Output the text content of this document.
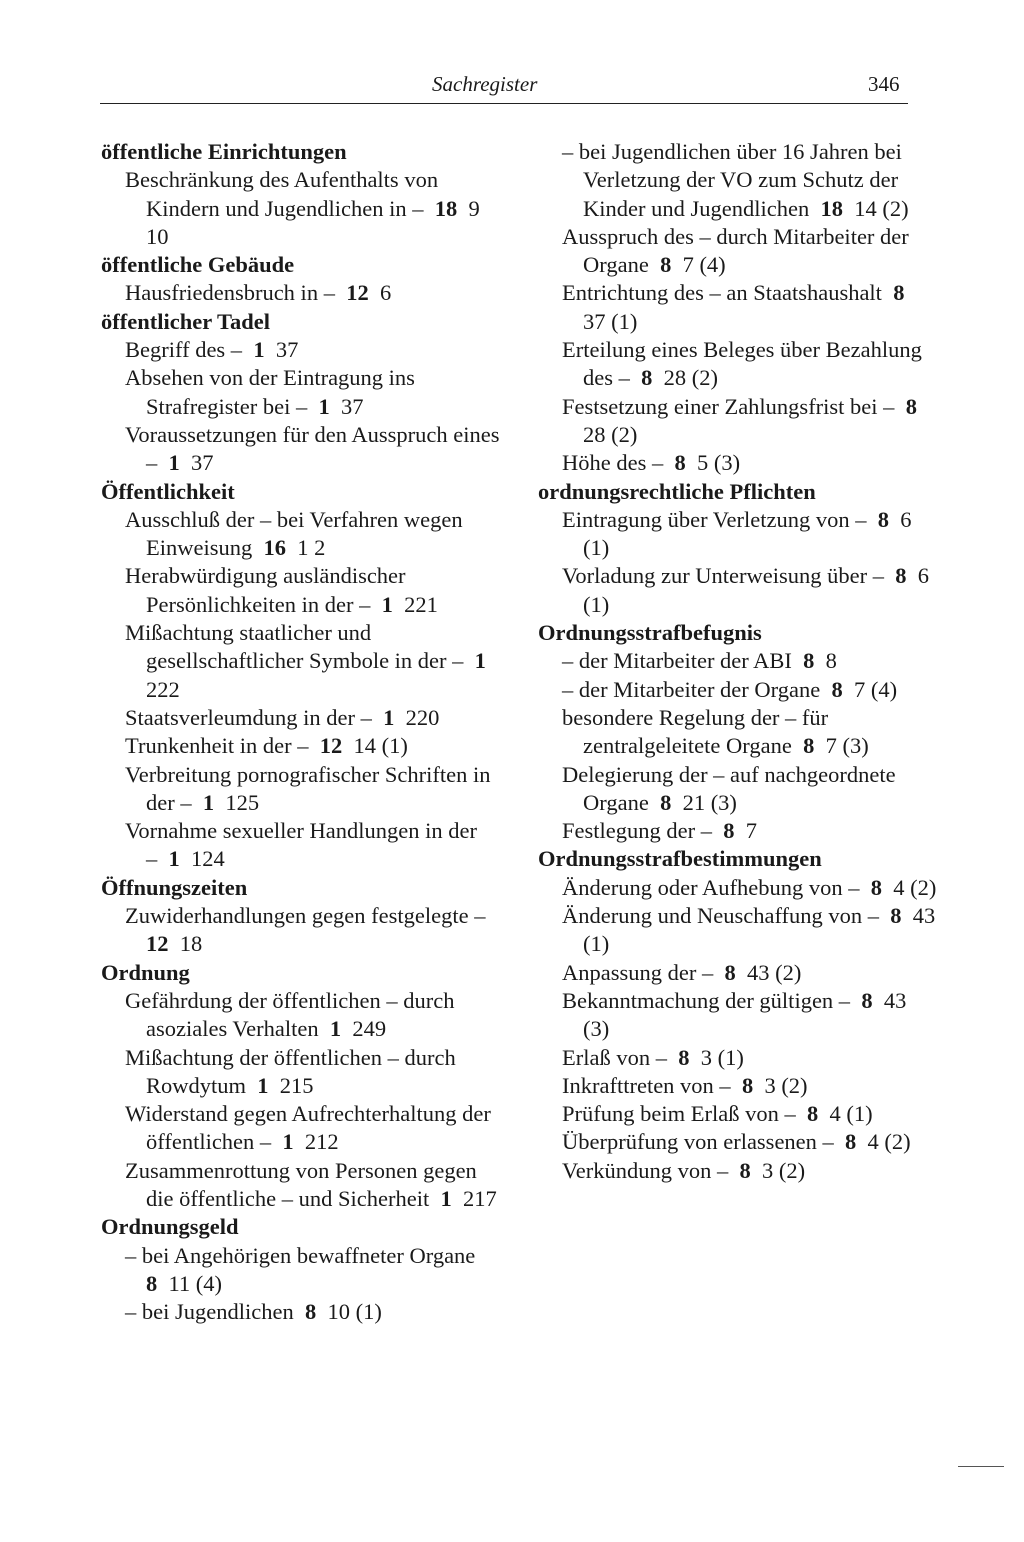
Sachregister	346
öffentliche Einrichtungen
Beschränkung des Aufenthalts von Kindern und Jugendlichen in –  18  9 10
öffentliche Gebäude
Hausfriedensbruch in –  12  6
öffentlicher Tadel
Begriff des –  1  37
Absehen von der Eintragung ins Strafregister bei –  1  37
Voraussetzungen für den Ausspruch eines –  1  37
Öffentlichkeit
Ausschluß der – bei Verfahren wegen Einweisung  16  1 2
Herabwürdigung ausländischer Persönlichkeiten in der –  1  221
Mißachtung staatlicher und gesellschaftlicher Symbole in der –  1 222
Staatsverleumdung in der –  1  220
Trunkenheit in der –  12  14 (1)
Verbreitung pornografischer Schriften in der –  1  125
Vornahme sexueller Handlungen in der –  1  124
Öffnungszeiten
Zuwiderhandlungen gegen festgelegte – 12  18
Ordnung
Gefährdung der öffentlichen – durch asoziales Verhalten  1  249
Mißachtung der öffentlichen – durch Rowdytum  1  215
Widerstand gegen Aufrechterhaltung der öffentlichen –  1  212
Zusammenrottung von Personen gegen die öffentliche – und Sicherheit  1  217
Ordnungsgeld
– bei Angehörigen bewaffneter Organe 8  11 (4)
– bei Jugendlichen  8  10 (1)
– bei Jugendlichen über 16 Jahren bei Verletzung der VO zum Schutz der Kinder und Jugendlichen  18  14 (2)
Ausspruch des – durch Mitarbeiter der Organe  8  7 (4)
Entrichtung des – an Staatshaushalt  8 37 (1)
Erteilung eines Beleges über Bezahlung des –  8  28 (2)
Festsetzung einer Zahlungsfrist bei –  8 28 (2)
Höhe des –  8  5 (3)
ordnungsrechtliche Pflichten
Eintragung über Verletzung von –  8  6 (1)
Vorladung zur Unterweisung über –  8  6 (1)
Ordnungsstrafbefugnis
– der Mitarbeiter der ABI  8  8
– der Mitarbeiter der Organe  8  7 (4)
besondere Regelung der – für zentralgeleitete Organe  8  7 (3)
Delegierung der – auf nachgeordnete Organe  8  21 (3)
Festlegung der –  8  7
Ordnungsstrafbestimmungen
Änderung oder Aufhebung von –  8  4 (2)
Änderung und Neuschaffung von –  8  43 (1)
Anpassung der –  8  43 (2)
Bekanntmachung der gültigen –  8  43 (3)
Erlaß von –  8  3 (1)
Inkrafttreten von –  8  3 (2)
Prüfung beim Erlaß von –  8  4 (1)
Überprüfung von erlassenen –  8  4 (2)
Verkündung von –  8  3 (2)
